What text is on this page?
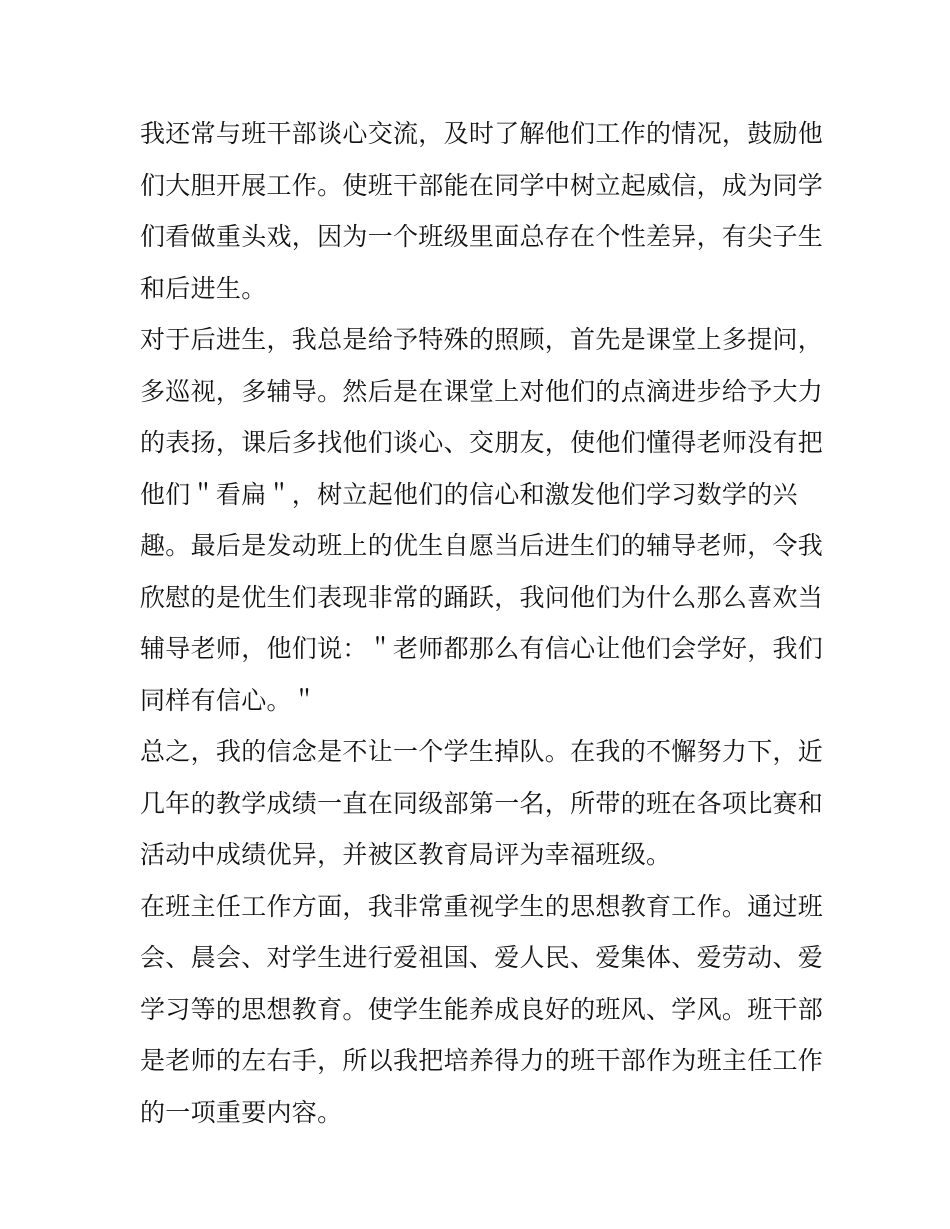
我还常与班干部谈心交流，及时了解他们工作的情况，鼓励他
们大胆开展工作。使班干部能在同学中树立起威信，成为同学
们看做重头戏，因为一个班级里面总存在个性差异，有尖子生
和后进生。
对于后进生，我总是给予特殊的照顾，首先是课堂上多提问，
多巡视，多辅导。然后是在课堂上对他们的点滴进步给予大力
的表扬，课后多找他们谈心、交朋友，使他们懂得老师没有把
他们＂看扁＂，树立起他们的信心和激发他们学习数学的兴
趣。最后是发动班上的优生自愿当后进生们的辅导老师，令我
欣慰的是优生们表现非常的踊跃，我问他们为什么那么喜欢当
辅导老师，他们说：＂老师都那么有信心让他们会学好，我们
同样有信心。＂
总之，我的信念是不让一个学生掉队。在我的不懈努力下，近
几年的教学成绩一直在同级部第一名，所带的班在各项比赛和
活动中成绩优异，并被区教育局评为幸福班级。
在班主任工作方面，我非常重视学生的思想教育工作。通过班
会、晨会、对学生进行爱祖国、爱人民、爱集体、爱劳动、爱
学习等的思想教育。使学生能养成良好的班风、学风。班干部
是老师的左右手，所以我把培养得力的班干部作为班主任工作
的一项重要内容。
